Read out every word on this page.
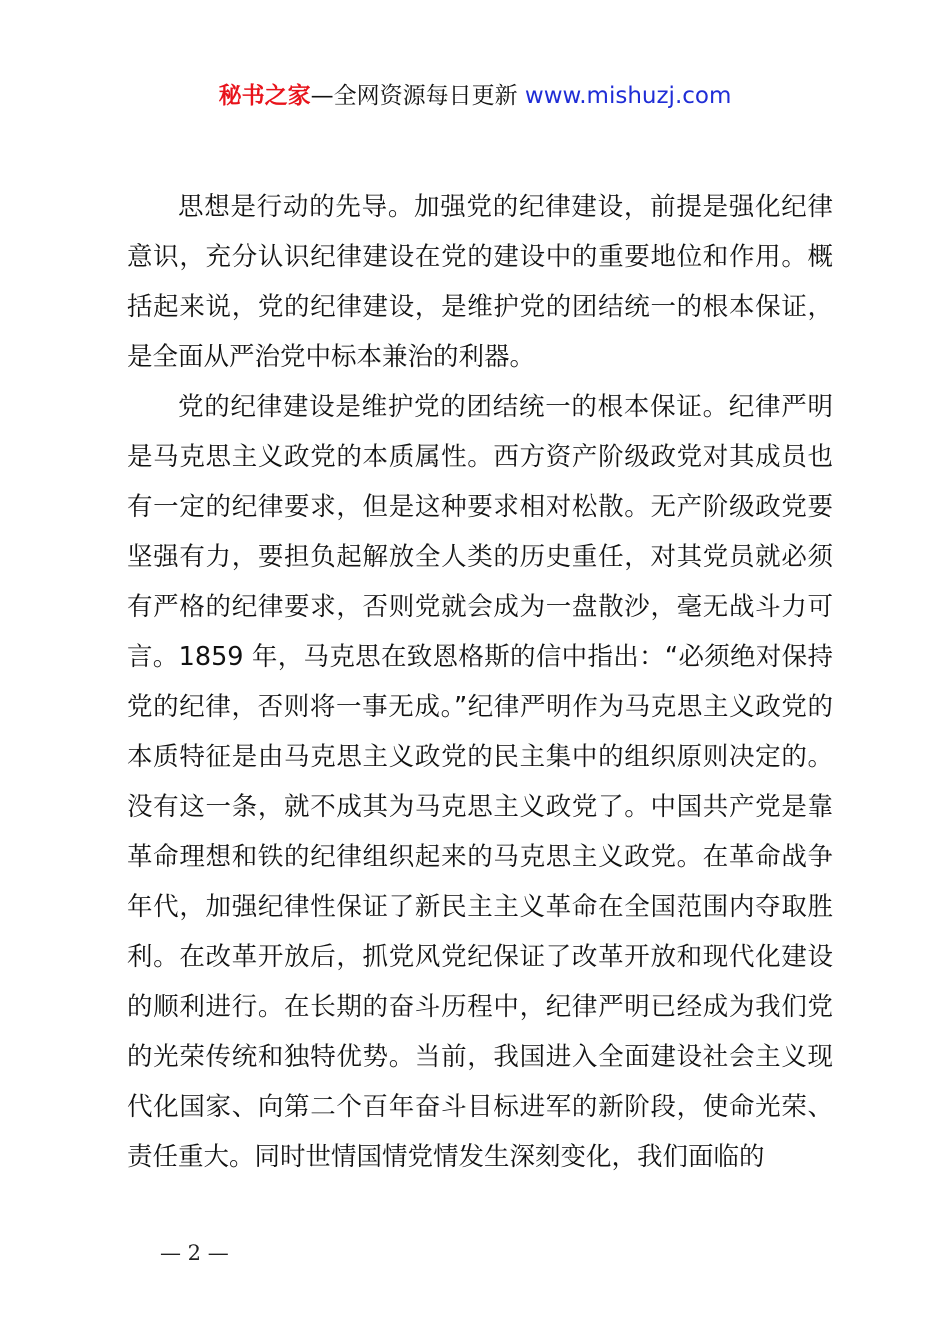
秘书之家—全网资源每日更新 www.mishuzj.com

思想是行动的先导。加强党的纪律建设，前提是强化纪律意识，充分认识纪律建设在党的建设中的重要地位和作用。概括起来说，党的纪律建设，是维护党的团结统一的根本保证，是全面从严治党中标本兼治的利器。

党的纪律建设是维护党的团结统一的根本保证。纪律严明是马克思主义政党的本质属性。西方资产阶级政党对其成员也有一定的纪律要求，但是这种要求相对松散。无产阶级政党要坚强有力，要担负起解放全人类的历史重任，对其党员就必须有严格的纪律要求，否则党就会成为一盘散沙，毫无战斗力可言。1859 年，马克思在致恩格斯的信中指出：“必须绝对保持党的纪律，否则将一事无成。”纪律严明作为马克思主义政党的本质特征是由马克思主义政党的民主集中的组织原则决定的。没有这一条，就不成其为马克思主义政党了。中国共产党是靠革命理想和铁的纪律组织起来的马克思主义政党。在革命战争年代，加强纪律性保证了新民主主义革命在全国范围内夺取胜利。在改革开放后，抓党风党纪保证了改革开放和现代化建设的顺利进行。在长期的奋斗历程中，纪律严明已经成为我们党的光荣传统和独特优势。当前，我国进入全面建设社会主义现代化国家、向第二个百年奋斗目标进军的新阶段，使命光荣、责任重大。同时世情国情党情发生深刻变化，我们面临的

— 2 —
